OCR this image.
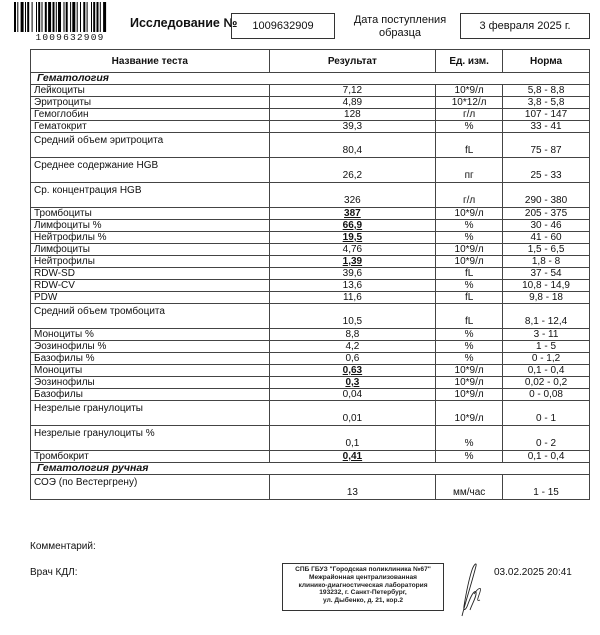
1009632909
Исследование № 1009632909	Дата поступления
образца
3 февраля 2025 г.
Название теста	Результат	Ед. изм.	Норма
Гематология			
Лейкоциты	7,12	10*9/л	5,8 - 8,8
Эритроциты	4,89	10*12/л	3,8 - 5,8
Гемоглобин	128	г/л	107 - 147
Гематокрит	39,3	%	33 - 41
Средний объем эритроцита	80,4	fL	75 - 87
Среднее содержание HGB	26,2	пг	25 - 33
Ср. концентрация HGB	326	г/л	290 - 380
Тромбоциты	387	10*9/л	205 - 375
Лимфоциты %	66,9	%	30 - 46
Нейтрофилы %	19,5	%	41 - 60
Лимфоциты	4,76	10*9/л	1,5 - 6,5
Нейтрофилы	1,39	10*9/л	1,8 - 8
RDW-SD	39,6	fL	37 - 54
RDW-CV	13,6	%	10,8 - 14,9
PDW	11,6	fL	9,8 - 18
Средний объем тромбоцита	10,5	fL	8,1 - 12,4
Моноциты %	8,8	%	3 - 11
Эозинофилы %	4,2	%	1 - 5
Базофилы %	0,6	%	0 - 1,2
Моноциты	0,63	10*9/л	0,1 - 0,4
Эозинофилы	0,3	10*9/л	0,02 - 0,2
Базофилы	0,04	10*9/л	0 - 0,08
Незрелые гранулоциты	0,01	10*9/л	0 - 1
Незрелые гранулоциты %	0,1	%	0 - 2
Тромбокрит	0,41	%	0,1 - 0,4
Гематология ручная			
СОЭ (по Вестергрену)	13	мм/час	1 - 15
Комментарий:
Врач КДЛ:	СПБ ГБУЗ "Городская поликлиника №67"
Межрайонная централизованная
клинико-диагностическая лаборатория
193232, г. Санкт-Петербург,
ул. Дыбенко, д. 21, кор.2
03.02.2025 20:41
